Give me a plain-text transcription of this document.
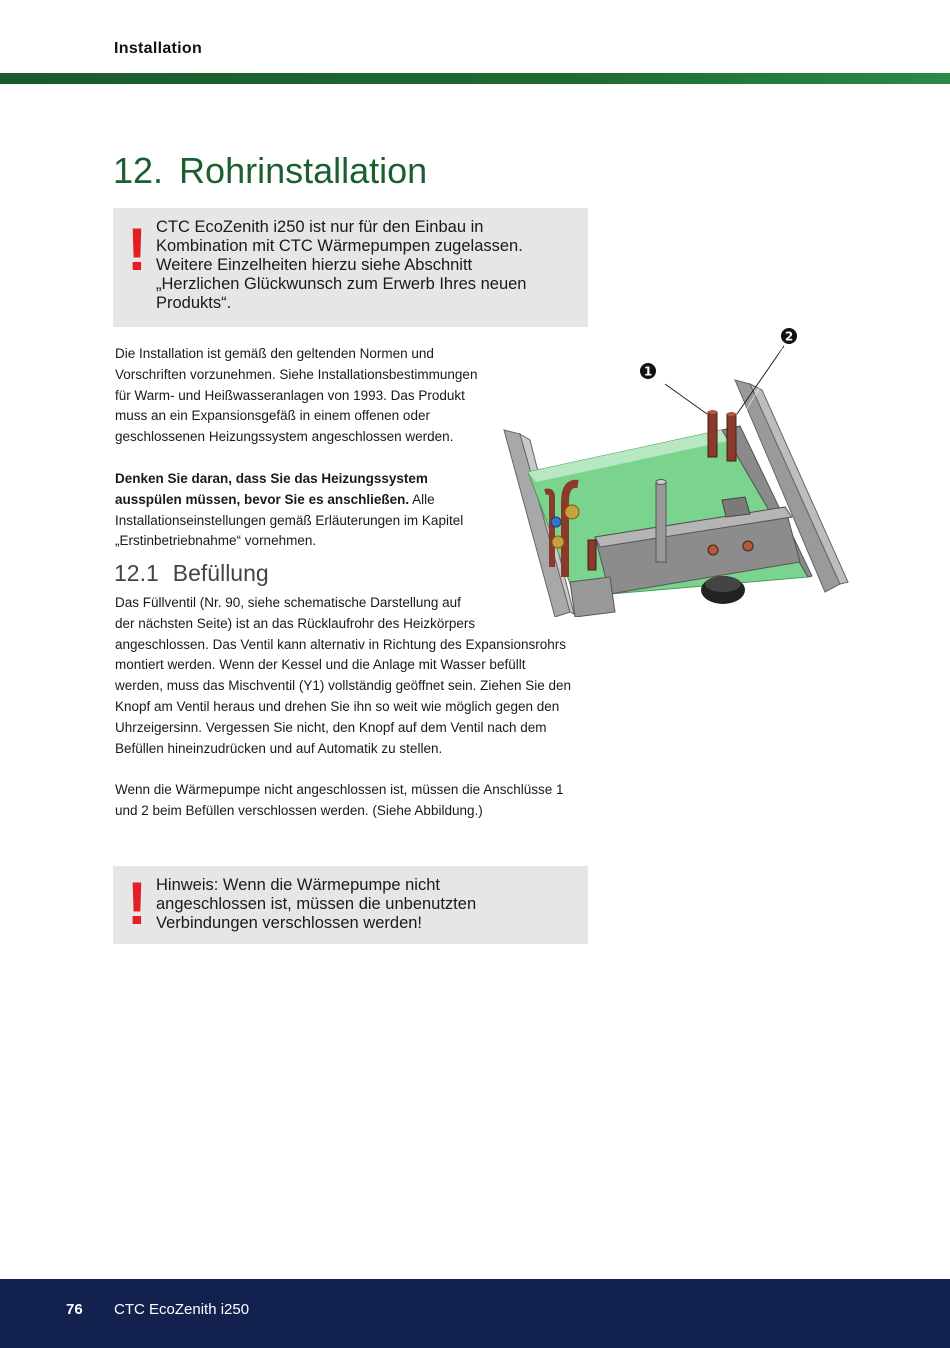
Installation
12. Rohrinstallation
! CTC EcoZenith i250 ist nur für den Einbau in
Kombination mit CTC Wärmepumpen zugelassen.
Weitere Einzelheiten hierzu siehe Abschnitt
„Herzlichen Glückwunsch zum Erwerb Ihres neuen
Produkts“.
Die Installation ist gemäß den geltenden Normen und
Vorschriften vorzunehmen. Siehe Installationsbestimmungen
für Warm- und Heißwasseranlagen von 1993. Das Produkt
muss an ein Expansionsgefäß in einem offenen oder
geschlossenen Heizungssystem angeschlossen werden.
Denken Sie daran, dass Sie das Heizungssystem
ausspülen müssen, bevor Sie es anschließen. Alle
Installationseinstellungen gemäß Erläuterungen im Kapitel
„Erstinbetriebnahme“ vornehmen.
12.1 Befüllung
Das Füllventil (Nr. 90, siehe schematische Darstellung auf
der nächsten Seite) ist an das Rücklaufrohr des Heizkörpers
angeschlossen. Das Ventil kann alternativ in Richtung des Expansionsrohrs
montiert werden. Wenn der Kessel und die Anlage mit Wasser befüllt
werden, muss das Mischventil (Y1) vollständig geöffnet sein. Ziehen Sie den
Knopf am Ventil heraus und drehen Sie ihn so weit wie möglich gegen den
Uhrzeigersinn. Vergessen Sie nicht, den Knopf auf dem Ventil nach dem
Befüllen hineinzudrücken und auf Automatik zu stellen.
Wenn die Wärmepumpe nicht angeschlossen ist, müssen die Anschlüsse 1
und 2 beim Befüllen verschlossen werden. (Siehe Abbildung.)
! Hinweis: Wenn die Wärmepumpe nicht
angeschlossen ist, müssen die unbenutzten
Verbindungen verschlossen werden!
1
2
76 CTC EcoZenith i250
